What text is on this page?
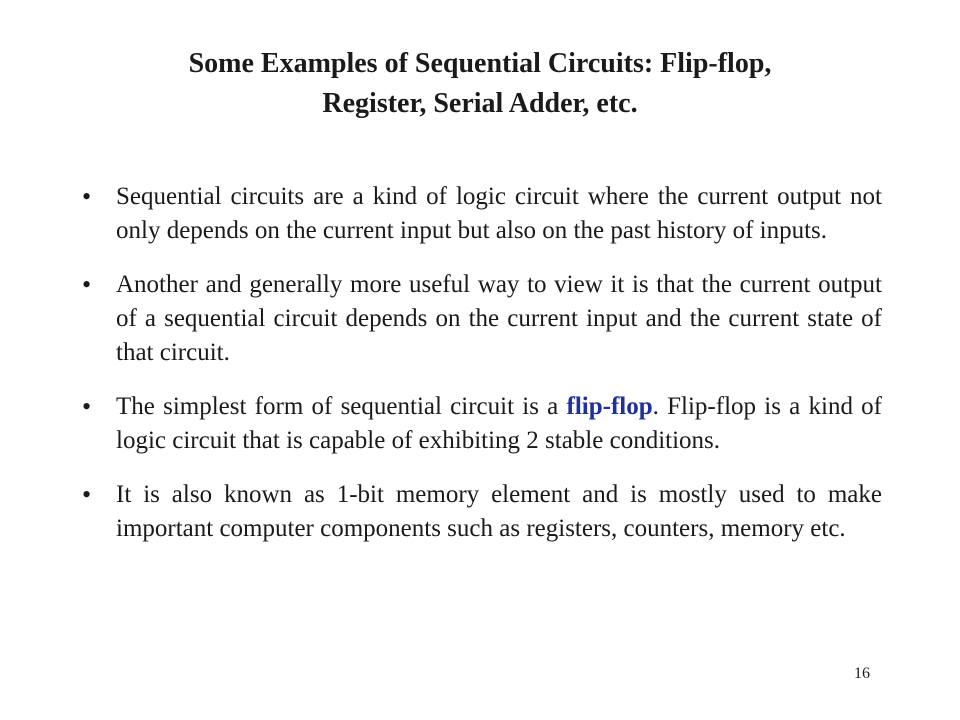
Some Examples of Sequential Circuits: Flip-flop,
Register, Serial Adder, etc.
• Sequential circuits are a kind of logic circuit where the current output not only depends on the current input but also on the past history of inputs.
• Another and generally more useful way to view it is that the current output of a sequential circuit depends on the current input and the current state of that circuit.
• The simplest form of sequential circuit is a flip-flop. Flip-flop is a kind of logic circuit that is capable of exhibiting 2 stable conditions.
• It is also known as 1-bit memory element and is mostly used to make important computer components such as registers, counters, memory etc.
16
